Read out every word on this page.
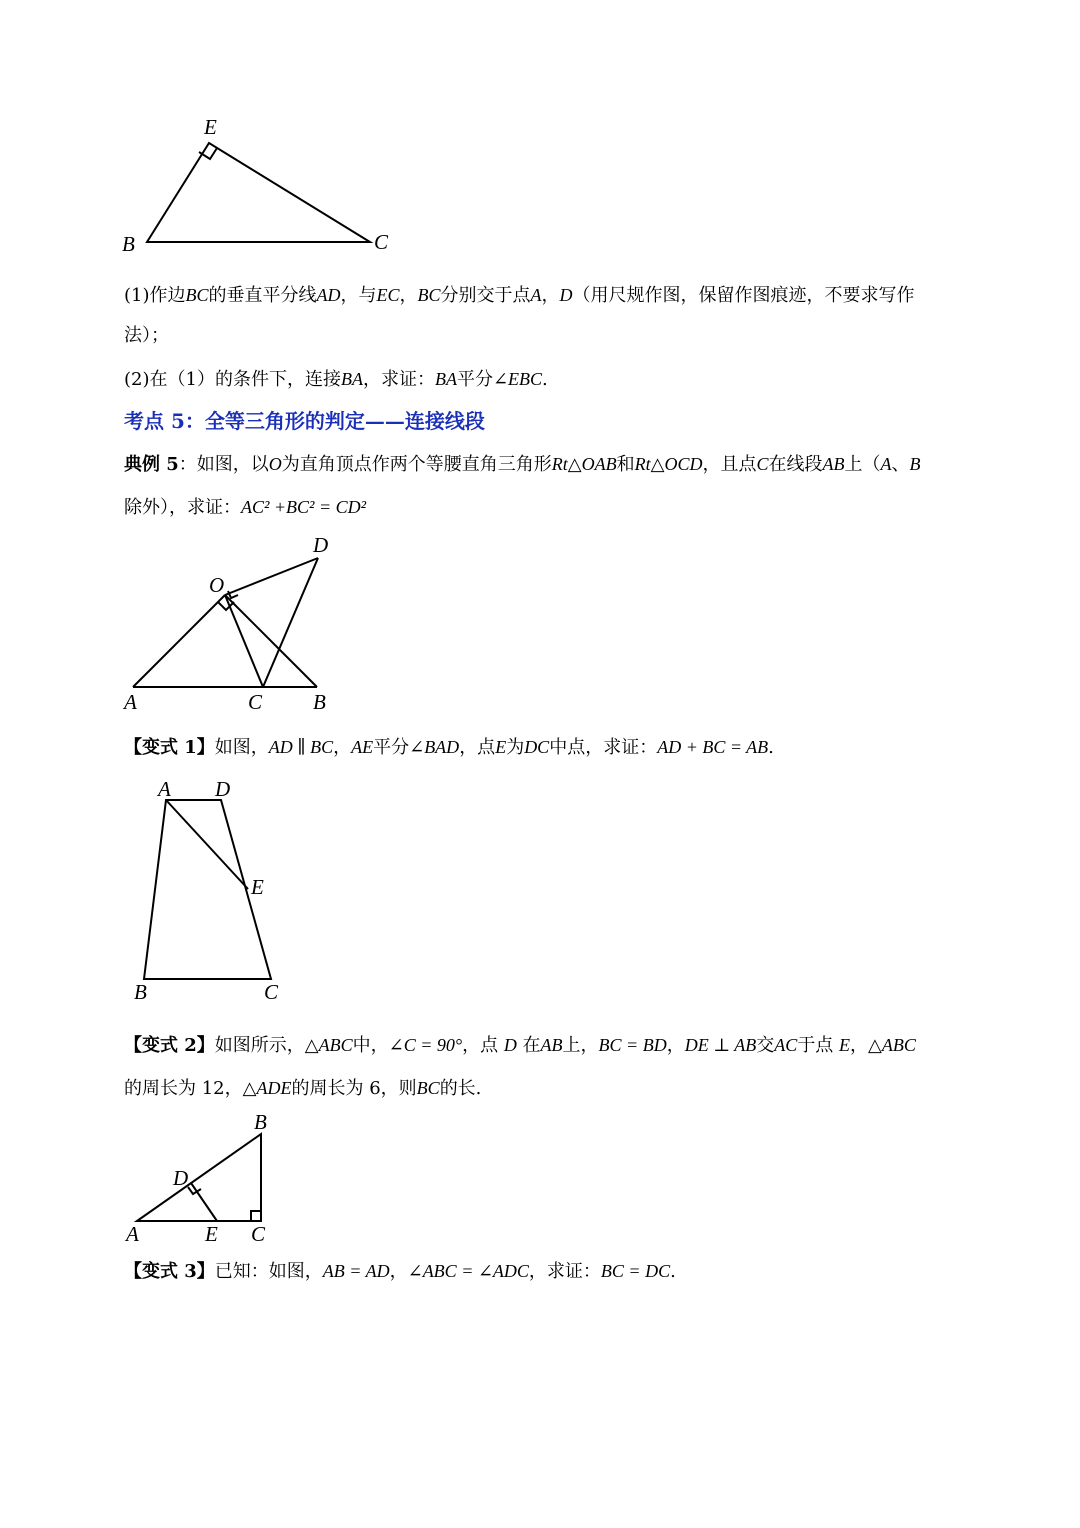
E
B	C
(1)作边BC的垂直平分线AD，与EC，BC分别交于点A，D（用尺规作图，保留作图痕迹，不要求写作
法）；
(2)在（1）的条件下，连接BA，求证：BA平分∠EBC.
考点 5：全等三角形的判定——连接线段
典例 5：如图，以O为直角顶点作两个等腰直角三角形Rt△OAB和Rt△OCD，且点C在线段AB上（A、B
除外），求证：AC² +BC² = CD²
D
O
A	C B
【变式 1】如图，AD ∥ BC，AE平分∠BAD，点E为DC中点，求证：AD + BC = AB.
A D
E
B	C
【变式 2】如图所示，△ABC中，∠C = 90°，点 D 在AB上，BC = BD，DE ⊥ AB交AC于点 E，△ABC
的周长为 12，△ADE的周长为 6，则BC的长.
B
D
A	E C
【变式 3】已知：如图，AB = AD，∠ABC = ∠ADC，求证：BC = DC.
